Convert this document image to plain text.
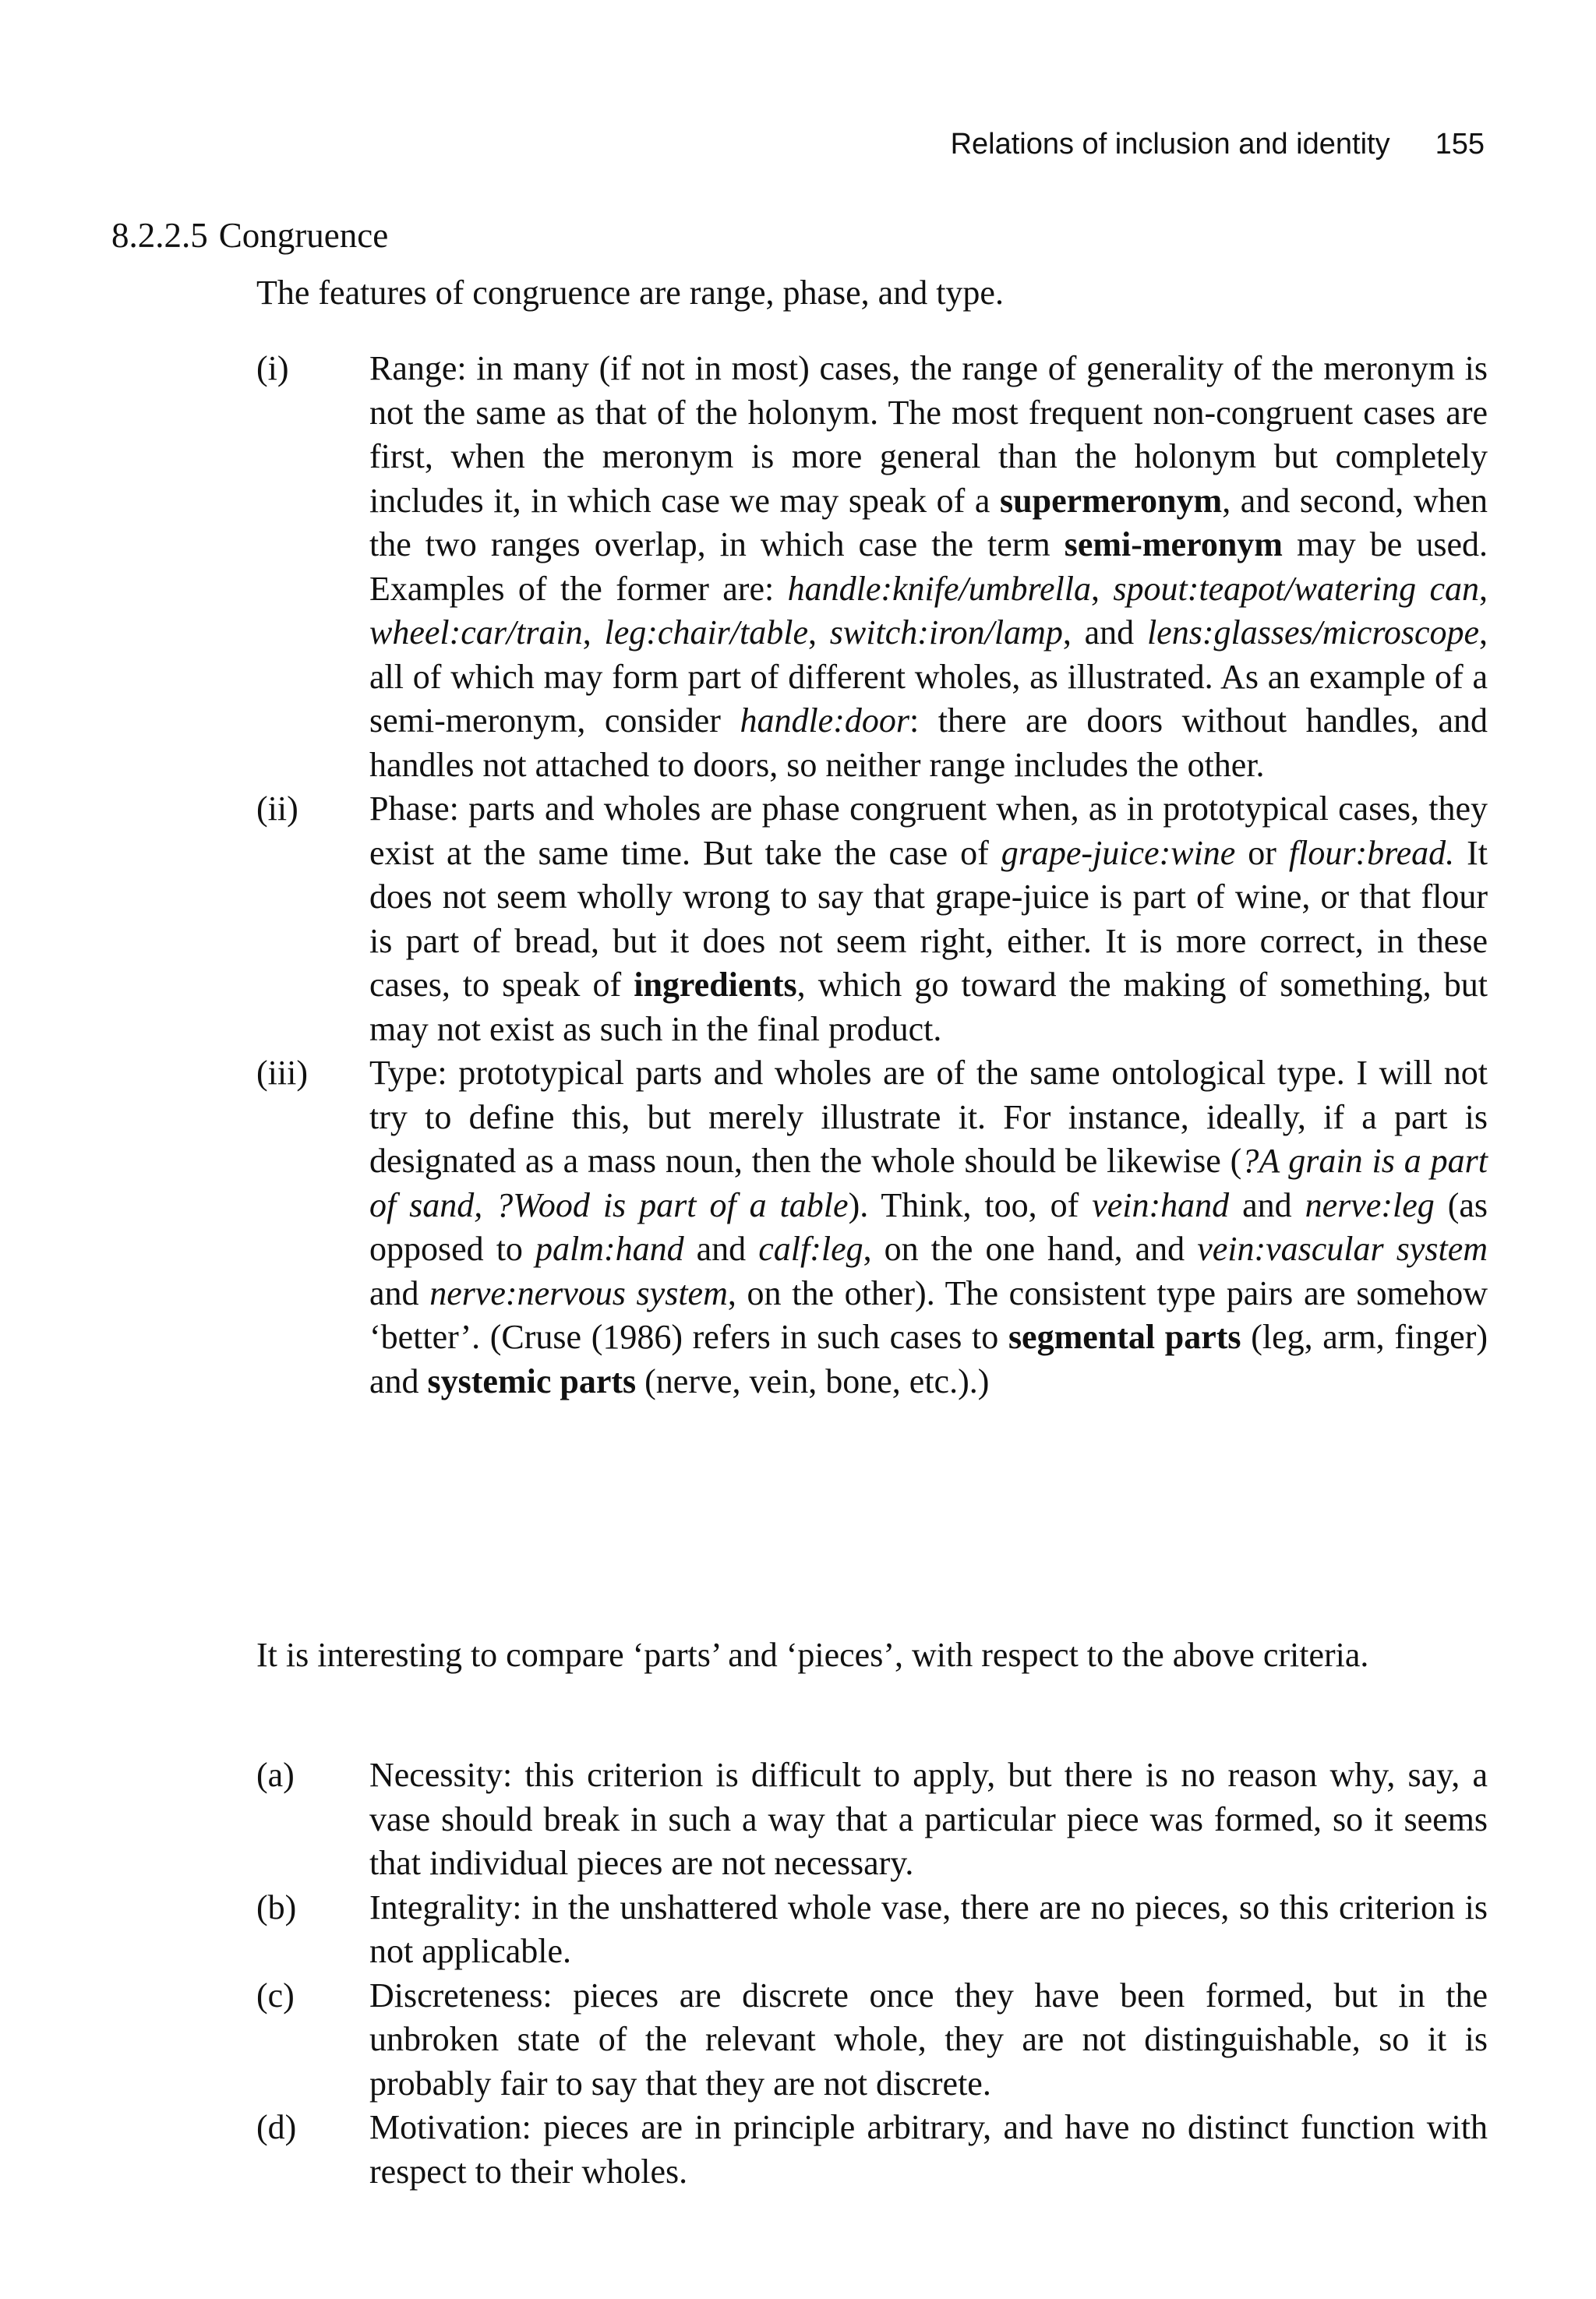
Relations of inclusion and identity 155
8.2.2.5 Congruence
The features of congruence are range, phase, and type.
(i) Range: in many (if not in most) cases, the range of generality of the meronym is not the same as that of the holonym. The most frequent non-congruent cases are first, when the meronym is more general than the holonym but completely includes it, in which case we may speak of a supermeronym, and second, when the two ranges overlap, in which case the term semi-meronym may be used. Examples of the former are: handle:knife/umbrella, spout:teapot/watering can, wheel:car/train, leg:chair/table, switch:iron/lamp, and lens:glasses/microscope, all of which may form part of different wholes, as illustrated. As an example of a semi-meronym, consider handle:door: there are doors without handles, and handles not attached to doors, so neither range includes the other.
(ii) Phase: parts and wholes are phase congruent when, as in prototypical cases, they exist at the same time. But take the case of grape-juice:wine or flour:bread. It does not seem wholly wrong to say that grape-juice is part of wine, or that flour is part of bread, but it does not seem right, either. It is more correct, in these cases, to speak of ingredients, which go toward the making of something, but may not exist as such in the final product.
(iii) Type: prototypical parts and wholes are of the same ontological type. I will not try to define this, but merely illustrate it. For instance, ideally, if a part is designated as a mass noun, then the whole should be likewise (?A grain is a part of sand, ?Wood is part of a table). Think, too, of vein:hand and nerve:leg (as opposed to palm:hand and calf:leg, on the one hand, and vein:vascular system and nerve:nervous system, on the other). The consistent type pairs are somehow ‘better’. (Cruse (1986) refers in such cases to segmental parts (leg, arm, finger) and systemic parts (nerve, vein, bone, etc.).)
It is interesting to compare ‘parts’ and ‘pieces’, with respect to the above criteria.
(a) Necessity: this criterion is difficult to apply, but there is no reason why, say, a vase should break in such a way that a particular piece was formed, so it seems that individual pieces are not necessary.
(b) Integrality: in the unshattered whole vase, there are no pieces, so this criterion is not applicable.
(c) Discreteness: pieces are discrete once they have been formed, but in the unbroken state of the relevant whole, they are not distinguishable, so it is probably fair to say that they are not discrete.
(d) Motivation: pieces are in principle arbitrary, and have no distinct function with respect to their wholes.
